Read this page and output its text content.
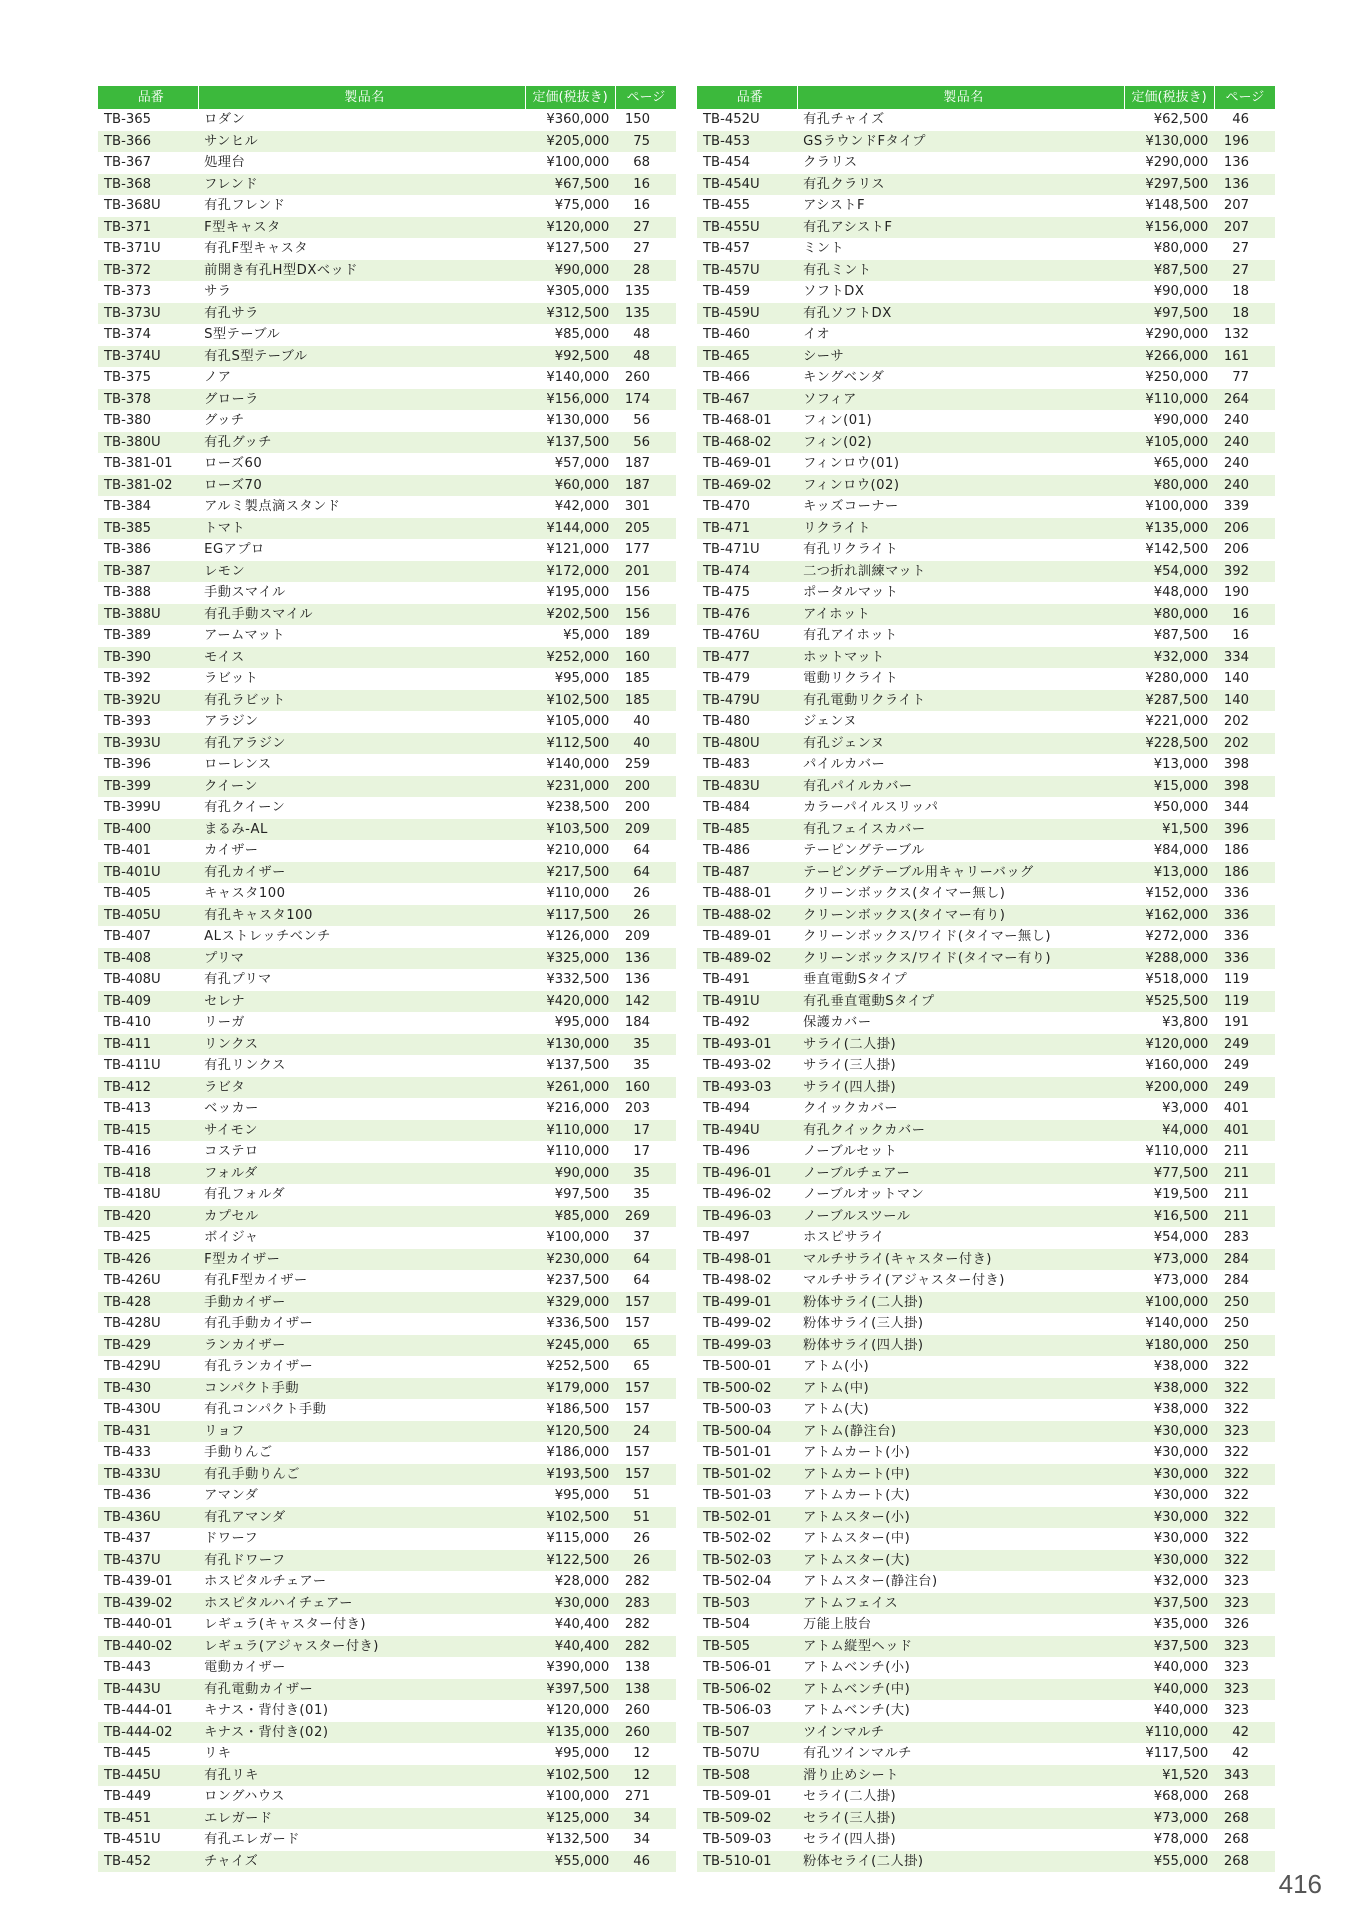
品番	製品名	定価(税抜き)	ページ
TB-365	ロダン	¥360,000	150
TB-366	サンヒル	¥205,000	75
TB-367	処理台	¥100,000	68
TB-368	フレンド	¥67,500	16
TB-368U	有孔フレンド	¥75,000	16
TB-371	F型キャスタ	¥120,000	27
TB-371U	有孔F型キャスタ	¥127,500	27
TB-372	前開き有孔H型DXベッド	¥90,000	28
TB-373	サラ	¥305,000	135
TB-373U	有孔サラ	¥312,500	135
TB-374	S型テーブル	¥85,000	48
TB-374U	有孔S型テーブル	¥92,500	48
TB-375	ノア	¥140,000	260
TB-378	グローラ	¥156,000	174
TB-380	グッチ	¥130,000	56
TB-380U	有孔グッチ	¥137,500	56
TB-381-01	ローズ60	¥57,000	187
TB-381-02	ローズ70	¥60,000	187
TB-384	アルミ製点滴スタンド	¥42,000	301
TB-385	トマト	¥144,000	205
TB-386	EGアプロ	¥121,000	177
TB-387	レモン	¥172,000	201
TB-388	手動スマイル	¥195,000	156
TB-388U	有孔手動スマイル	¥202,500	156
TB-389	アームマット	¥5,000	189
TB-390	モイス	¥252,000	160
TB-392	ラビット	¥95,000	185
TB-392U	有孔ラビット	¥102,500	185
TB-393	アラジン	¥105,000	40
TB-393U	有孔アラジン	¥112,500	40
TB-396	ローレンス	¥140,000	259
TB-399	クイーン	¥231,000	200
TB-399U	有孔クイーン	¥238,500	200
TB-400	まるみ-AL	¥103,500	209
TB-401	カイザー	¥210,000	64
TB-401U	有孔カイザー	¥217,500	64
TB-405	キャスタ100	¥110,000	26
TB-405U	有孔キャスタ100	¥117,500	26
TB-407	ALストレッチベンチ	¥126,000	209
TB-408	プリマ	¥325,000	136
TB-408U	有孔プリマ	¥332,500	136
TB-409	セレナ	¥420,000	142
TB-410	リーガ	¥95,000	184
TB-411	リンクス	¥130,000	35
TB-411U	有孔リンクス	¥137,500	35
TB-412	ラビタ	¥261,000	160
TB-413	ベッカー	¥216,000	203
TB-415	サイモン	¥110,000	17
TB-416	コステロ	¥110,000	17
TB-418	フォルダ	¥90,000	35
TB-418U	有孔フォルダ	¥97,500	35
TB-420	カプセル	¥85,000	269
TB-425	ボイジャ	¥100,000	37
TB-426	F型カイザー	¥230,000	64
TB-426U	有孔F型カイザー	¥237,500	64
TB-428	手動カイザー	¥329,000	157
TB-428U	有孔手動カイザー	¥336,500	157
TB-429	ランカイザー	¥245,000	65
TB-429U	有孔ランカイザー	¥252,500	65
TB-430	コンパクト手動	¥179,000	157
TB-430U	有孔コンパクト手動	¥186,500	157
TB-431	リョフ	¥120,500	24
TB-433	手動りんご	¥186,000	157
TB-433U	有孔手動りんご	¥193,500	157
TB-436	アマンダ	¥95,000	51
TB-436U	有孔アマンダ	¥102,500	51
TB-437	ドワーフ	¥115,000	26
TB-437U	有孔ドワーフ	¥122,500	26
TB-439-01	ホスピタルチェアー	¥28,000	282
TB-439-02	ホスピタルハイチェアー	¥30,000	283
TB-440-01	レギュラ(キャスター付き)	¥40,400	282
TB-440-02	レギュラ(アジャスター付き)	¥40,400	282
TB-443	電動カイザー	¥390,000	138
TB-443U	有孔電動カイザー	¥397,500	138
TB-444-01	キナス・背付き(01)	¥120,000	260
TB-444-02	キナス・背付き(02)	¥135,000	260
TB-445	リキ	¥95,000	12
TB-445U	有孔リキ	¥102,500	12
TB-449	ロングハウス	¥100,000	271
TB-451	エレガード	¥125,000	34
TB-451U	有孔エレガード	¥132,500	34
TB-452	チャイズ	¥55,000	46
品番	製品名	定価(税抜き)	ページ
TB-452U	有孔チャイズ	¥62,500	46
TB-453	GSラウンドFタイプ	¥130,000	196
TB-454	クラリス	¥290,000	136
TB-454U	有孔クラリス	¥297,500	136
TB-455	アシストF	¥148,500	207
TB-455U	有孔アシストF	¥156,000	207
TB-457	ミント	¥80,000	27
TB-457U	有孔ミント	¥87,500	27
TB-459	ソフトDX	¥90,000	18
TB-459U	有孔ソフトDX	¥97,500	18
TB-460	イオ	¥290,000	132
TB-465	シーサ	¥266,000	161
TB-466	キングベンダ	¥250,000	77
TB-467	ソフィア	¥110,000	264
TB-468-01	フィン(01)	¥90,000	240
TB-468-02	フィン(02)	¥105,000	240
TB-469-01	フィンロウ(01)	¥65,000	240
TB-469-02	フィンロウ(02)	¥80,000	240
TB-470	キッズコーナー	¥100,000	339
TB-471	リクライト	¥135,000	206
TB-471U	有孔リクライト	¥142,500	206
TB-474	二つ折れ訓練マット	¥54,000	392
TB-475	ポータルマット	¥48,000	190
TB-476	アイホット	¥80,000	16
TB-476U	有孔アイホット	¥87,500	16
TB-477	ホットマット	¥32,000	334
TB-479	電動リクライト	¥280,000	140
TB-479U	有孔電動リクライト	¥287,500	140
TB-480	ジェンヌ	¥221,000	202
TB-480U	有孔ジェンヌ	¥228,500	202
TB-483	パイルカバー	¥13,000	398
TB-483U	有孔パイルカバー	¥15,000	398
TB-484	カラーパイルスリッパ	¥50,000	344
TB-485	有孔フェイスカバー	¥1,500	396
TB-486	テーピングテーブル	¥84,000	186
TB-487	テーピングテーブル用キャリーバッグ	¥13,000	186
TB-488-01	クリーンボックス(タイマー無し)	¥152,000	336
TB-488-02	クリーンボックス(タイマー有り)	¥162,000	336
TB-489-01	クリーンボックス/ワイド(タイマー無し)	¥272,000	336
TB-489-02	クリーンボックス/ワイド(タイマー有り)	¥288,000	336
TB-491	垂直電動Sタイプ	¥518,000	119
TB-491U	有孔垂直電動Sタイプ	¥525,500	119
TB-492	保護カバー	¥3,800	191
TB-493-01	サライ(二人掛)	¥120,000	249
TB-493-02	サライ(三人掛)	¥160,000	249
TB-493-03	サライ(四人掛)	¥200,000	249
TB-494	クイックカバー	¥3,000	401
TB-494U	有孔クイックカバー	¥4,000	401
TB-496	ノーブルセット	¥110,000	211
TB-496-01	ノーブルチェアー	¥77,500	211
TB-496-02	ノーブルオットマン	¥19,500	211
TB-496-03	ノーブルスツール	¥16,500	211
TB-497	ホスピサライ	¥54,000	283
TB-498-01	マルチサライ(キャスター付き)	¥73,000	284
TB-498-02	マルチサライ(アジャスター付き)	¥73,000	284
TB-499-01	粉体サライ(二人掛)	¥100,000	250
TB-499-02	粉体サライ(三人掛)	¥140,000	250
TB-499-03	粉体サライ(四人掛)	¥180,000	250
TB-500-01	アトム(小)	¥38,000	322
TB-500-02	アトム(中)	¥38,000	322
TB-500-03	アトム(大)	¥38,000	322
TB-500-04	アトム(静注台)	¥30,000	323
TB-501-01	アトムカート(小)	¥30,000	322
TB-501-02	アトムカート(中)	¥30,000	322
TB-501-03	アトムカート(大)	¥30,000	322
TB-502-01	アトムスター(小)	¥30,000	322
TB-502-02	アトムスター(中)	¥30,000	322
TB-502-03	アトムスター(大)	¥30,000	322
TB-502-04	アトムスター(静注台)	¥32,000	323
TB-503	アトムフェイス	¥37,500	323
TB-504	万能上肢台	¥35,000	326
TB-505	アトム縦型ヘッド	¥37,500	323
TB-506-01	アトムベンチ(小)	¥40,000	323
TB-506-02	アトムベンチ(中)	¥40,000	323
TB-506-03	アトムベンチ(大)	¥40,000	323
TB-507	ツインマルチ	¥110,000	42
TB-507U	有孔ツインマルチ	¥117,500	42
TB-508	滑り止めシート	¥1,520	343
TB-509-01	セライ(二人掛)	¥68,000	268
TB-509-02	セライ(三人掛)	¥73,000	268
TB-509-03	セライ(四人掛)	¥78,000	268
TB-510-01	粉体セライ(二人掛)	¥55,000	268
416
